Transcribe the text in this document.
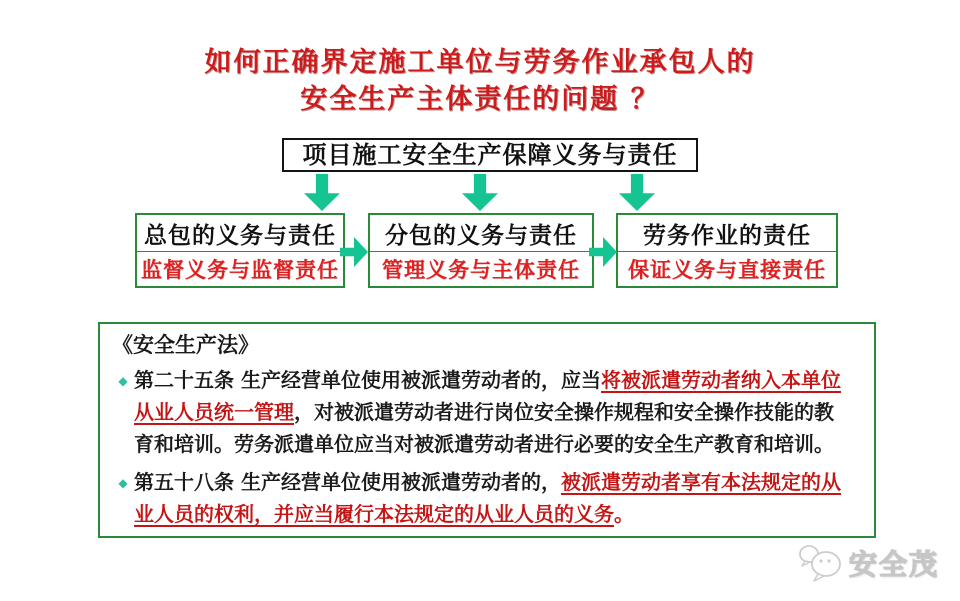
如何正确界定施工单位与劳务作业承包人的
安全生产主体责任的问题 ？
项目施工安全生产保障义务与责任
总包的义务与责任
监督义务与监督责任
分包的义务与责任
管理义务与主体责任
劳务作业的责任
保证义务与直接责任
《安全生产法》
◆ 第二十五条 生产经营单位使用被派遣劳动者的，应当将被派遣劳动者纳入本单位
从业人员统一管理，对被派遣劳动者进行岗位安全操作规程和安全操作技能的教
育和培训。劳务派遣单位应当对被派遣劳动者进行必要的安全生产教育和培训。
◆ 第五十八条 生产经营单位使用被派遣劳动者的，被派遣劳动者享有本法规定的从
业人员的权利，并应当履行本法规定的从业人员的义务。
安全茂
